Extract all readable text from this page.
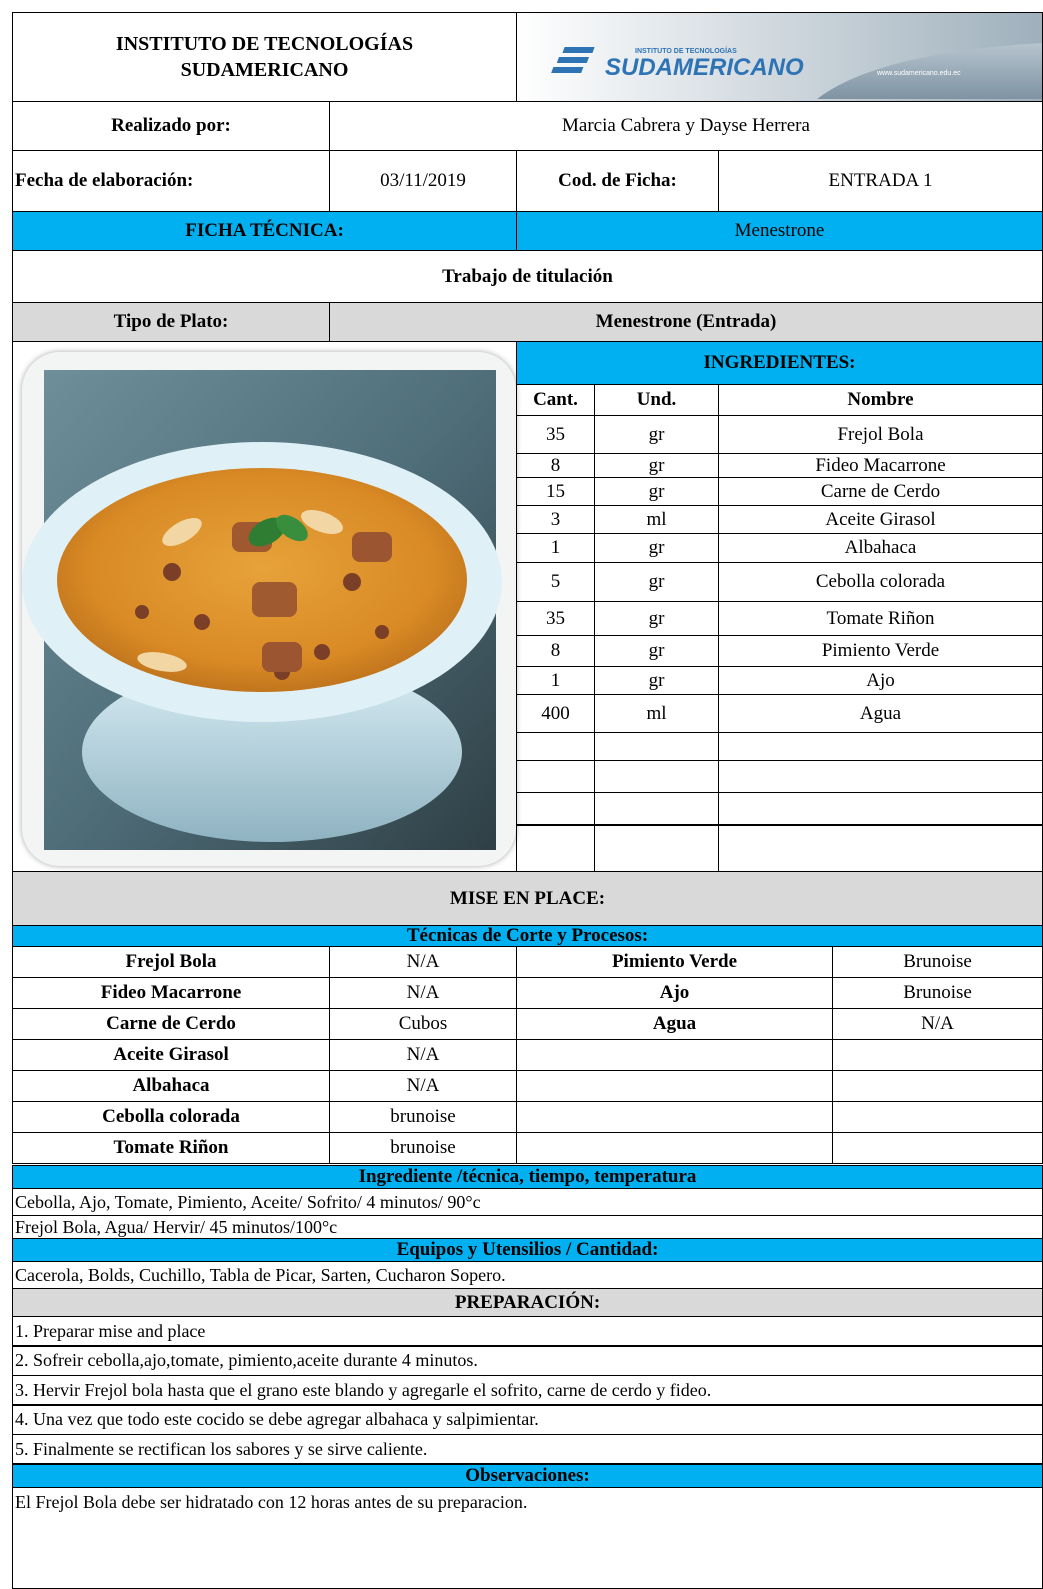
INSTITUTO DE TECNOLOGÍAS
SUDAMERICANO
INSTITUTO DE TECNOLOGÍAS
SUDAMERICANO	www.sudamericano.edu.ec
Realizado por:	Marcia Cabrera y Dayse Herrera
Fecha de elaboración:	03/11/2019	Cod. de Ficha:	ENTRADA 1
FICHA TÉCNICA:	Menestrone
Trabajo de titulación
Tipo de Plato:	Menestrone (Entrada)
INGREDIENTES:
Cant.	Und.	Nombre
35	gr	Frejol Bola
8	gr	Fideo Macarrone
15	gr	Carne de Cerdo
3	ml	Aceite Girasol
1	gr	Albahaca
5	gr	Cebolla colorada
35	gr	Tomate Riñon
8	gr	Pimiento Verde
1	gr	Ajo
400	ml	Agua
MISE EN PLACE:
Técnicas de Corte y Procesos:
Frejol Bola	N/A	Pimiento Verde	Brunoise
Fideo Macarrone	N/A	Ajo	Brunoise
Carne de Cerdo	Cubos	Agua	N/A
Aceite Girasol	N/A
Albahaca	N/A
Cebolla colorada	brunoise
Tomate Riñon	brunoise
Ingrediente /técnica, tiempo, temperatura
Cebolla, Ajo, Tomate, Pimiento, Aceite/ Sofrito/ 4 minutos/ 90°c
Frejol Bola, Agua/ Hervir/ 45 minutos/100°c
Equipos y Utensilios / Cantidad:
Cacerola, Bolds, Cuchillo, Tabla de Picar, Sarten, Cucharon Sopero.
PREPARACIÓN:
1. Preparar mise and place
2. Sofreir cebolla,ajo,tomate, pimiento,aceite durante 4 minutos.
3. Hervir Frejol bola hasta que el grano este blando y agregarle el sofrito, carne de cerdo y fideo.
4. Una vez que todo este cocido se debe agregar albahaca y salpimientar.
5. Finalmente se rectifican los sabores y se sirve caliente.
Observaciones:
El Frejol Bola debe ser hidratado con 12 horas antes de su preparacion.
